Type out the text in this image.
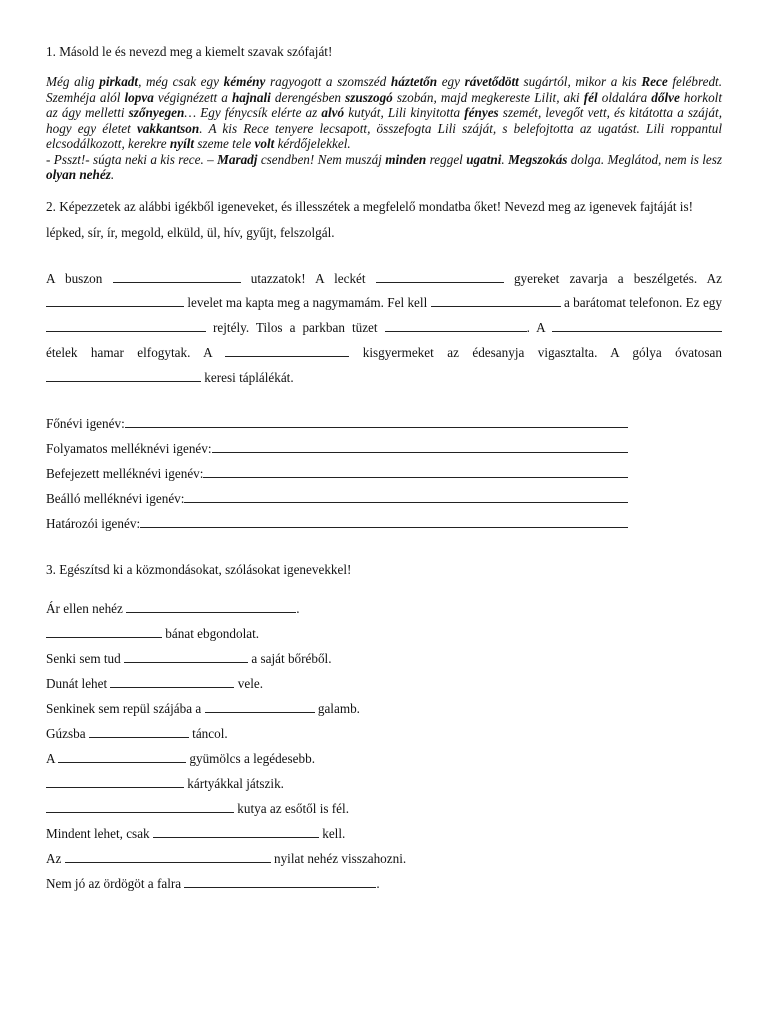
1. Másold le és nevezd meg a kiemelt szavak szófaját!

Még alig pirkadt, még csak egy kémény ragyogott a szomszéd háztetőn egy rávetődött sugártól, mikor a kis Rece felébredt. Szemhéja alól lopva végignézett a hajnali derengésben szuszogó szobán, majd megkereste Lilit, aki fél oldalára dőlve horkolt az ágy melletti szőnyegen… Egy fénycsík elérte az alvó kutyát, Lili kinyitotta fényes szemét, levegőt vett, és kitátotta a száját, hogy egy életet vakkantson. A kis Rece tenyere lecsapott, összefogta Lili száját, s belefojtotta az ugatást. Lili roppantul elcsodálkozott, kerekre nyílt szeme tele volt kérdőjelekkel.
- Psszt!- súgta neki a kis rece. – Maradj csendben! Nem muszáj minden reggel ugatni. Megszokás dolga. Meglátod, nem is lesz olyan nehéz.

2. Képezzetek az alábbi igékből igeneveket, és illesszétek a megfelelő mondatba őket! Nevezd meg az igenevek fajtáját is!

lépked, sír, ír, megold, elküld, ül, hív, gyűjt, felszolgál.

A buszon	utazzatok! A leckét	gyereket zavarja a beszélgetés. Az  levelet ma kapta meg a nagymamám. Fel kell	a barátomat telefonon. Ez egy  rejtély. Tilos a parkban tüzet	. A  ételek hamar elfogytak. A	kisgyermeket az édesanyja vigasztalta. A gólya óvatosan  keresi táplálékát.
Főnévi igenév:
Folyamatos melléknévi igenév:
Befejezett melléknévi igenév:
Beálló melléknévi igenév:
Határozói igenév:

3. Egészítsd ki a közmondásokat, szólásokat igenevekkel!

Ár ellen nehéz	.
bánat ebgondolat.
Senki sem tud	a saját bőréből.
Dunát lehet	vele.
Senkinek sem repül szájába a	galamb.
Gúzsba	táncol.
A	gyümölcs a legédesebb.
kártyákkal játszik.
kutya az esőtől is fél.
Mindent lehet, csak	kell.
Az	nyilat nehéz visszahozni.
Nem jó az ördögöt a falra	.
